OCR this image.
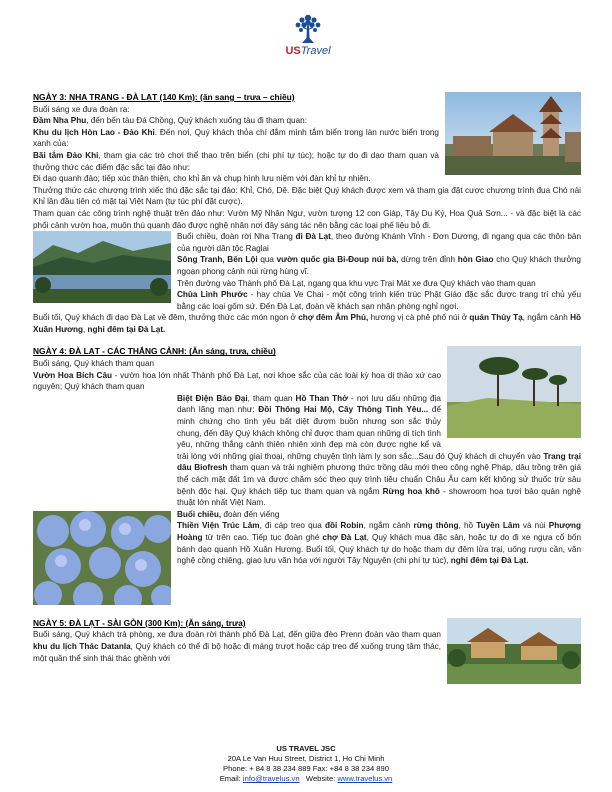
USTravel

NGÀY 3: NHA TRANG - ĐÀ LẠT (140 Km): (ăn sang – trưa – chiều)

Buổi sáng xe đưa đoàn ra:

Đầm Nha Phu, đến bến tàu Đá Chồng, Quý khách xuống tàu đi tham quan:

Khu du lịch Hòn Lao - Đảo Khỉ. Đến nơi, Quý khách thỏa chí đắm mình tắm biển trong làn nước biển trong xanh của:

Bãi tắm Đảo Khỉ, tham gia các trò chơi thể thao trên biển (chi phí tự túc); hoặc tự do đi dạo tham quan và thưởng thức các điểm đặc sắc tại đảo như:

Đi dạo quanh đảo; tiếp xúc thân thiện, cho khỉ ăn và chụp hình lưu niệm với đàn khỉ tự nhiên.

Thưởng thức các chương trình xiếc thú đặc sắc tại đảo: Khỉ, Chó, Dê. Đặc biệt Quý khách được xem và tham gia đặt cược chương trình đua Chó nài Khỉ lần đầu tiên có mặt tại Việt Nam (tự túc phí đặt cược).

Tham quan các công trình nghệ thuật trên đảo như: Vườn Mỹ Nhân Ngư, vườn tượng 12 con Giáp, Tây Du Ký, Hoa Quả Sơn... - và đặc biệt là các phối cảnh vườn hoa, muôn thú quanh đảo được nghệ nhân nơi đây sáng tác nên bằng các loại phế liệu bỏ đi.

Buổi chiều, đoàn rời Nha Trang đi Đà Lạt, theo đường Khánh Vĩnh - Đơn Dương, đi ngang qua các thôn bản của người dân tộc Raglai

Sông Tranh, Bến Lội qua vườn quốc gia Bi-Đoup núi bà, dừng trên đỉnh hòn Giao cho Quý khách thưởng ngoạn phong cảnh núi rừng hùng vĩ.

Trên đường vào Thành phố Đà Lạt, ngang qua khu vực Trại Mát xe đưa Quý khách vào tham quan

Chùa Linh Phước - hay chùa Ve Chai - một công trình kiến trúc Phật Giáo đặc sắc được trang trí chủ yếu bằng các loại gốm sứ. Đến Đà Lạt, đoàn về khách sạn nhận phòng nghỉ ngơi.

Buổi tối, Quý khách đi dạo Đà Lạt về đêm, thưởng thức các món ngon ở chợ đêm Âm Phủ, hương vị cà phê phố núi ở quán Thủy Tạ, ngắm cảnh Hồ Xuân Hương, nghỉ đêm tại Đà Lạt.

NGÀY 4: ĐÀ LẠT - CÁC THẮNG CẢNH: (Ăn sáng, trưa, chiều)

Buổi sáng, Quý khách tham quan

Vườn Hoa Bích Câu - vườn hoa lớn nhất Thành phố Đà Lạt, nơi khoe sắc của các loài kỳ hoa dị thảo xứ cao nguyên; Quý khách tham quan

Biệt Điện Bảo Đại, tham quan Hồ Than Thở - nơi lưu dấu những địa danh lãng mạn như: Đồi Thông Hai Mộ, Cây Thông Tình Yêu... để minh chứng cho tình yêu bất diệt đượm buồn nhưng son sắc thủy chung, đến đây Quý khách không chỉ được tham quan những di tích tình yêu, những thắng cảnh thiên nhiên xinh đẹp mà còn được nghe kể và trải lòng với những giai thoại, những chuyện tình làm ly son sắc...Sau đó Quý khách di chuyển vào Trang trại dâu Biofresh tham quan và trải nghiệm phương thức trồng dâu mới theo công nghệ Pháp, dâu trồng trên giá thể cách mặt đất 1m và được chăm sóc theo quy trình tiêu chuẩn Châu Âu cam kết không sử thuốc trừ sâu bệnh độc hại. Quý khách tiếp tục tham quan và ngắm Rừng hoa khô - showroom hoa tươi bảo quản nghệ thuật lớn nhất Việt Nam.

Buổi chiều, đoàn đến viếng

Thiền Viện Trúc Lâm, đi cáp treo qua đồi Robin, ngắm cảnh rừng thông, hồ Tuyền Lâm và núi Phượng Hoàng từ trên cao. Tiếp tục đoàn ghé chợ Đà Lạt, Quý khách mua đặc sản, hoặc tự do đi xe ngựa cổ bốn bánh dạo quanh Hồ Xuân Hương. Buổi tối, Quý khách tự do hoặc tham dự đêm lửa trại, uống rượu cần, văn nghệ cồng chiêng, giao lưu văn hóa với người Tây Nguyên (chi phí tự túc), nghỉ đêm tại Đà Lạt.

NGÀY 5: ĐÀ LẠT - SÀI GÒN (300 Km): (Ăn sáng, trưa)

Buổi sáng, Quý khách trả phòng, xe đưa đoàn rời thành phố Đà Lạt, đến giữa đèo Prenn đoàn vào tham quan khu du lịch Thác Datanla, Quý khách có thể đi bộ hoặc đi máng trượt hoặc cáp treo để xuống trung tâm thác, một quần thể sinh thái thác ghềnh với

US TRAVEL JSC
20A Le Van Huu Street, District 1, Ho Chi Minh
Phone: + 84 8 38 234 889 Fax: +84 8 38 234 890
Email: info@travelus.vn   Website: www.travelus.vn
